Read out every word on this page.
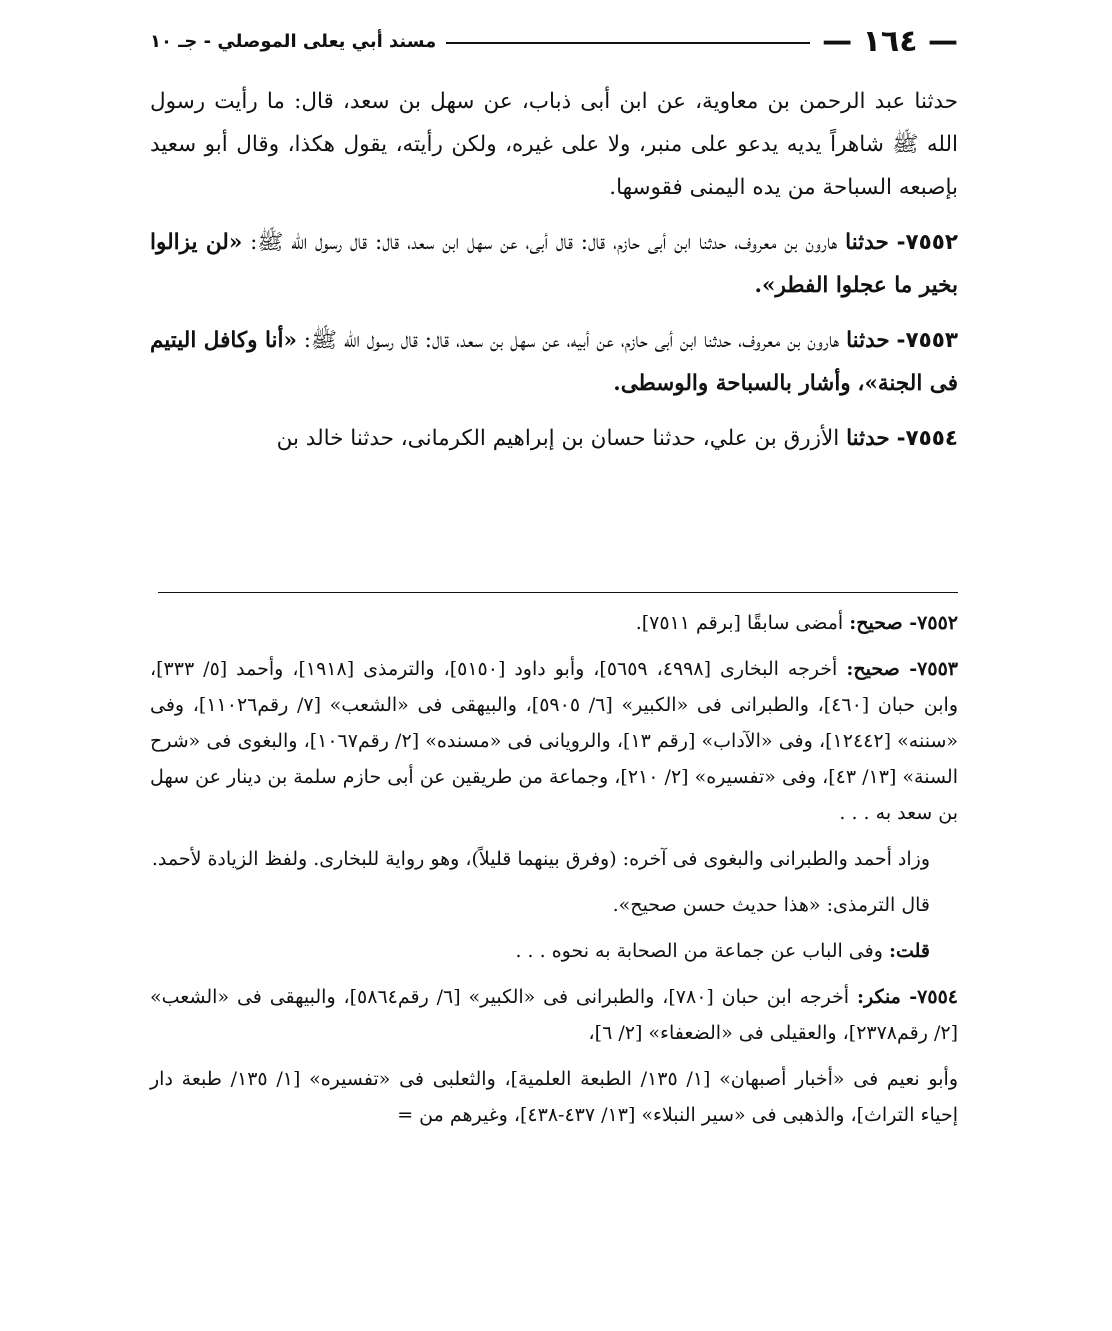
— ١٦٤ —
مسند أبي يعلى الموصلي - جـ ١٠

حدثنا عبد الرحمن بن معاوية، عن ابن أبى ذباب، عن سهل بن سعد، قال: ما رأيت رسول الله ﷺ شاهراً يديه يدعو على منبر، ولا على غيره، ولكن رأيته، يقول هكذا، وقال أبو سعيد بإصبعه السباحة من يده اليمنى فقوسها.

٧٥٥٢- حدثنا هارون بن معروف، حدثنا ابن أبى حازم، قال: قال أبى، عن سهل ابن سعد، قال: قال رسول الله ﷺ: «لن يزالوا بخير ما عجلوا الفطر».

٧٥٥٣- حدثنا هارون بن معروف، حدثنا ابن أبى حازم، عن أبيه، عن سهل بن سعد، قال: قال رسول الله ﷺ: «أنا وكافل اليتيم فى الجنة»، وأشار بالسباحة والوسطى.

٧٥٥٤- حدثنا الأزرق بن علي، حدثنا حسان بن إبراهيم الكرمانى، حدثنا خالد بن

٧٥٥٢- صحيح: أمضى سابقًا [برقم ٧٥١١].

٧٥٥٣- صحيح: أخرجه البخارى [٤٩٩٨، ٥٦٥٩]، وأبو داود [٥١٥٠]، والترمذى [١٩١٨]، وأحمد [٥/ ٣٣٣]، وابن حبان [٤٦٠]، والطبرانى فى «الكبير» [٦/ ٥٩٠٥]، والبيهقى فى «الشعب» [٧/ رقم١١٠٢٦]، وفى «سننه» [١٢٤٤٢]، وفى «الآداب» [رقم ١٣]، والرويانى فى «مسنده» [٢/ رقم١٠٦٧]، والبغوى فى «شرح السنة» [١٣/ ٤٣]، وفى «تفسيره» [٢/ ٢١٠]، وجماعة من طريقين عن أبى حازم سلمة بن دينار عن سهل بن سعد به . . .

وزاد أحمد والطبرانى والبغوى فى آخره: (وفرق بينهما قليلاً)، وهو رواية للبخارى. ولفظ الزيادة لأحمد.

قال الترمذى: «هذا حديث حسن صحيح».

قلت: وفى الباب عن جماعة من الصحابة به نحوه . . .

٧٥٥٤- منكر: أخرجه ابن حبان [٧٨٠]، والطبرانى فى «الكبير» [٦/ رقم٥٨٦٤]، والبيهقى فى «الشعب» [٢/ رقم٢٣٧٨]، والعقيلى فى «الضعفاء» [٢/ ٦]،

وأبو نعيم فى «أخبار أصبهان» [١/ ١٣٥/ الطبعة العلمية]، والثعلبى فى «تفسيره» [١/ ١٣٥/ طبعة دار إحياء التراث]، والذهبى فى «سير النبلاء» [١٣/ ٤٣٧-٤٣٨]، وغيرهم من =
